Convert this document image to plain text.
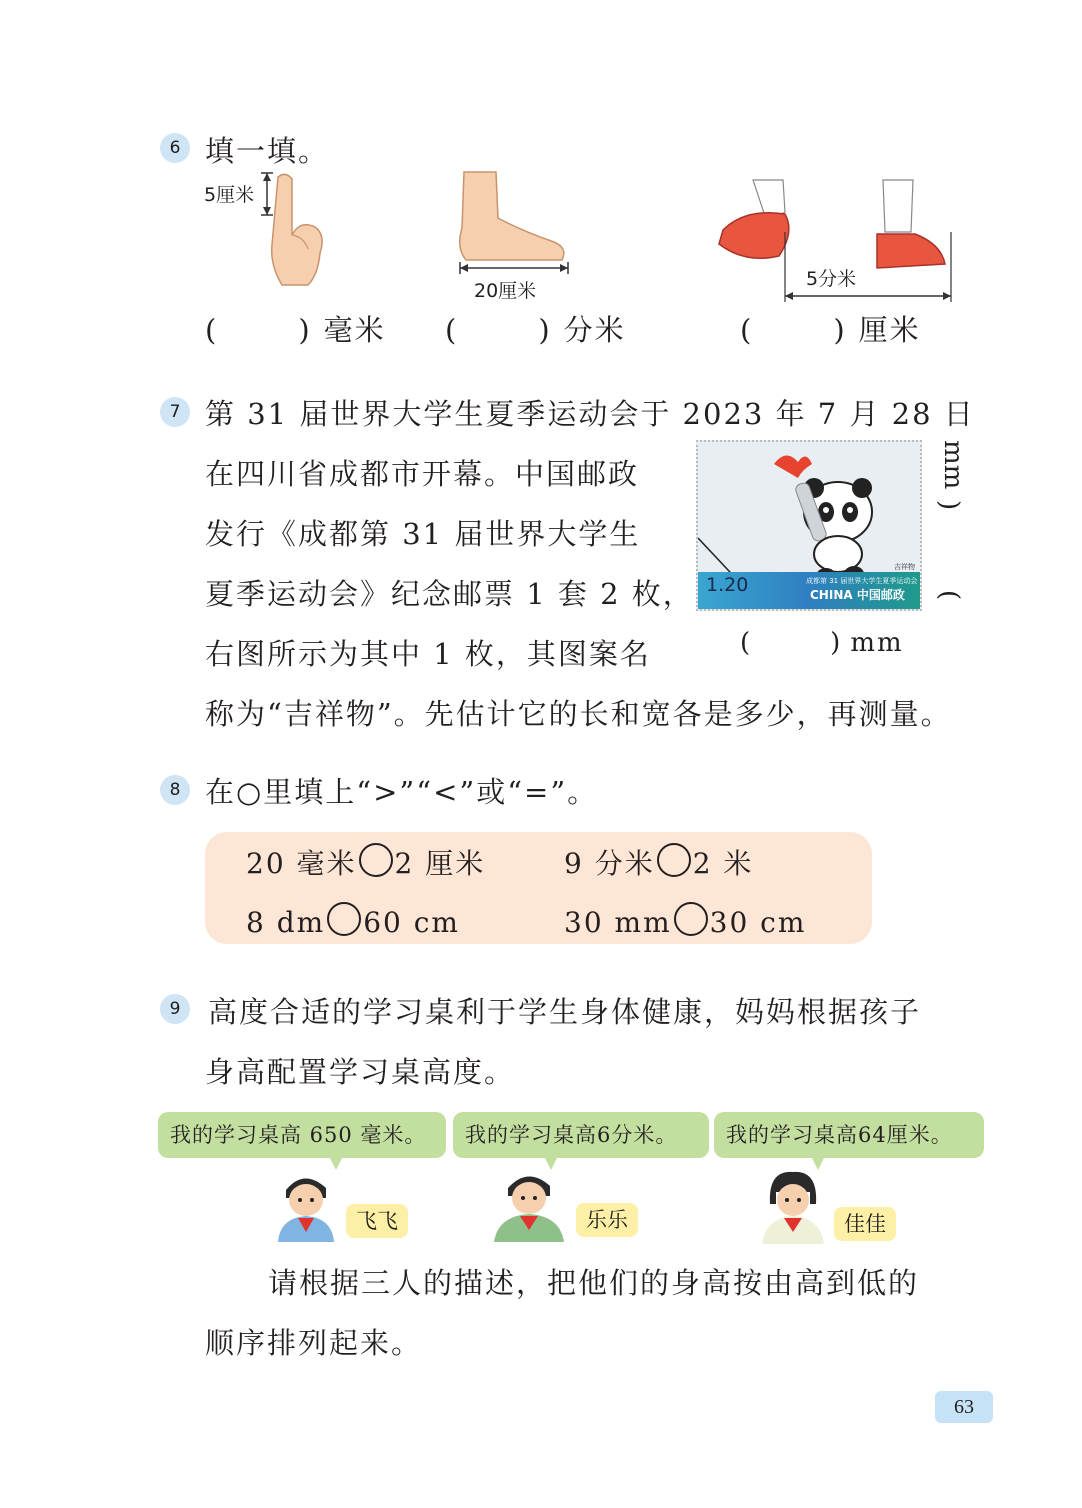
6 填一填。
5厘米
20厘米
5分米
(	) 毫米 (	) 分米	(	) 厘米
7 第 31 届世界大学生夏季运动会于 2023 年 7 月 28 日
在四川省成都市开幕。中国邮政
发行《成都第 31 届世界大学生
夏季运动会》纪念邮票 1 套 2 枚，
右图所示为其中 1 枚，其图案名
称为“吉祥物”。先估计它的长和宽各是多少，再测量。
1.20
吉祥物
成都第 31 届世界大学生夏季运动会
CHINA 中国邮政
mm
)
(
(	) mm
8 在○里填上“>”“<”或“=”。
20 毫米 2 厘米	9 分米 2 米
8 dm 60 cm	30 mm 30 cm
9 高度合适的学习桌利于学生身体健康，妈妈根据孩子
身高配置学习桌高度。
我的学习桌高 650 毫米。	我的学习桌高6分米。	我的学习桌高64厘米。
飞飞	乐乐	佳佳
请根据三人的描述，把他们的身高按由高到低的
顺序排列起来。
63
